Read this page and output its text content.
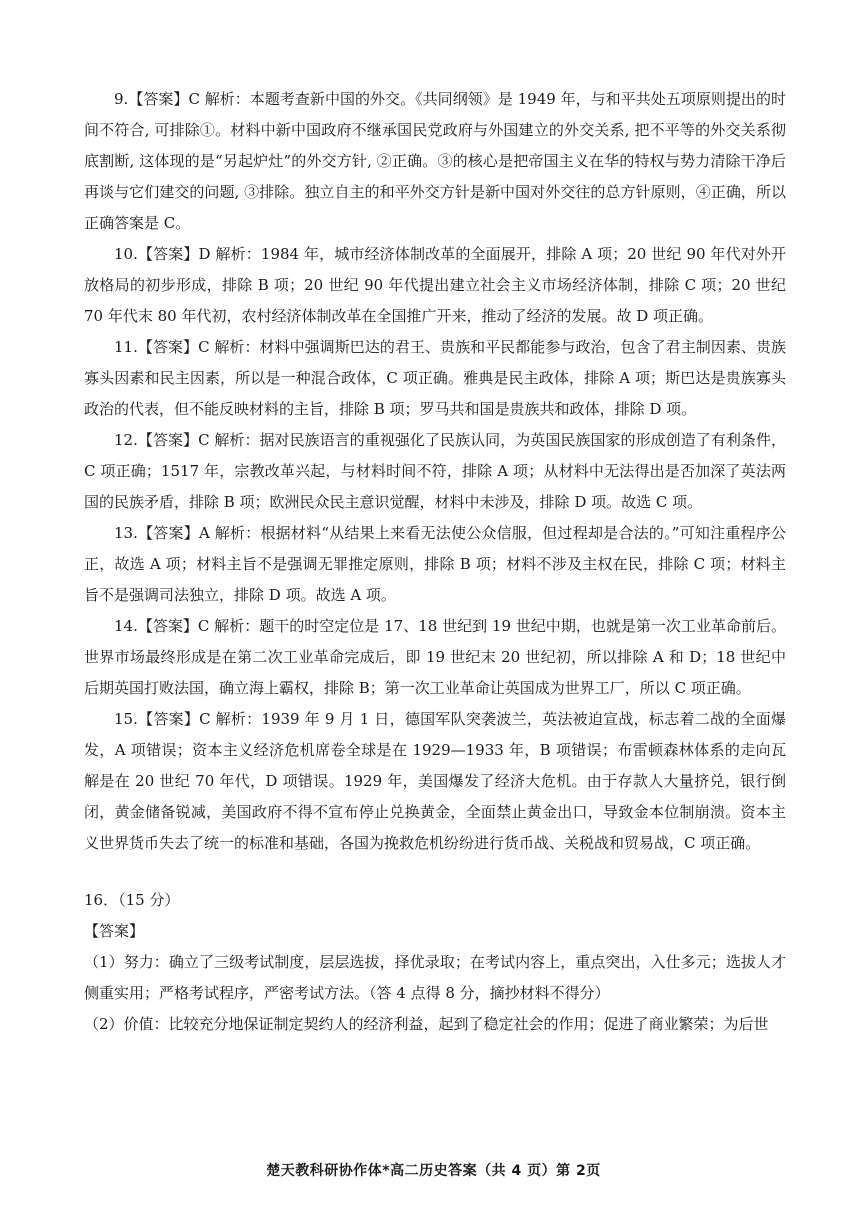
9.【答案】C 解析：本题考查新中国的外交。《共同纲领》是 1949 年，与和平共处五项原则提出的时间不符合, 可排除①。材料中新中国政府不继承国民党政府与外国建立的外交关系, 把不平等的外交关系彻底割断, 这体现的是“另起炉灶”的外交方针, ②正确。③的核心是把帝国主义在华的特权与势力清除干净后再谈与它们建交的问题, ③排除。独立自主的和平外交方针是新中国对外交往的总方针原则，④正确，所以正确答案是 C。

10.【答案】D 解析：1984 年，城市经济体制改革的全面展开，排除 A 项；20 世纪 90 年代对外开放格局的初步形成，排除 B 项；20 世纪 90 年代提出建立社会主义市场经济体制，排除 C 项；20 世纪 70 年代末 80 年代初，农村经济体制改革在全国推广开来，推动了经济的发展。故 D 项正确。

11.【答案】C 解析：材料中强调斯巴达的君王、贵族和平民都能参与政治，包含了君主制因素、贵族寡头因素和民主因素，所以是一种混合政体，C 项正确。雅典是民主政体，排除 A 项；斯巴达是贵族寡头政治的代表，但不能反映材料的主旨，排除 B 项；罗马共和国是贵族共和政体，排除 D 项。

12.【答案】C 解析：据对民族语言的重视强化了民族认同，为英国民族国家的形成创造了有利条件，C 项正确；1517 年，宗教改革兴起，与材料时间不符，排除 A 项；从材料中无法得出是否加深了英法两国的民族矛盾，排除 B 项；欧洲民众民主意识觉醒，材料中未涉及，排除 D 项。故选 C 项。

13.【答案】A 解析：根据材料“从结果上来看无法使公众信服，但过程却是合法的。”可知注重程序公正，故选 A 项；材料主旨不是强调无罪推定原则，排除 B 项；材料不涉及主权在民，排除 C 项；材料主旨不是强调司法独立，排除 D 项。故选 A 项。

14.【答案】C 解析：题干的时空定位是 17、18 世纪到 19 世纪中期，也就是第一次工业革命前后。世界市场最终形成是在第二次工业革命完成后，即 19 世纪末 20 世纪初，所以排除 A 和 D；18 世纪中后期英国打败法国，确立海上霸权，排除 B；第一次工业革命让英国成为世界工厂，所以 C 项正确。

15.【答案】C 解析：1939 年 9 月 1 日，德国军队突袭波兰，英法被迫宣战，标志着二战的全面爆发，A 项错误；资本主义经济危机席卷全球是在 1929—1933 年，B 项错误；布雷顿森林体系的走向瓦解是在 20 世纪 70 年代，D 项错误。1929 年，美国爆发了经济大危机。由于存款人大量挤兑，银行倒闭，黄金储备锐减，美国政府不得不宣布停止兑换黄金，全面禁止黄金出口，导致金本位制崩溃。资本主义世界货币失去了统一的标准和基础，各国为挽救危机纷纷进行货币战、关税战和贸易战，C 项正确。

16．（15 分）

【答案】

（1）努力：确立了三级考试制度，层层选拔，择优录取；在考试内容上，重点突出，入仕多元；选拔人才侧重实用；严格考试程序，严密考试方法。（答 4 点得 8 分，摘抄材料不得分）

（2）价值：比较充分地保证制定契约人的经济利益，起到了稳定社会的作用；促进了商业繁荣；为后世

楚天教科研协作体*高二历史答案（共 4 页）第 2页
